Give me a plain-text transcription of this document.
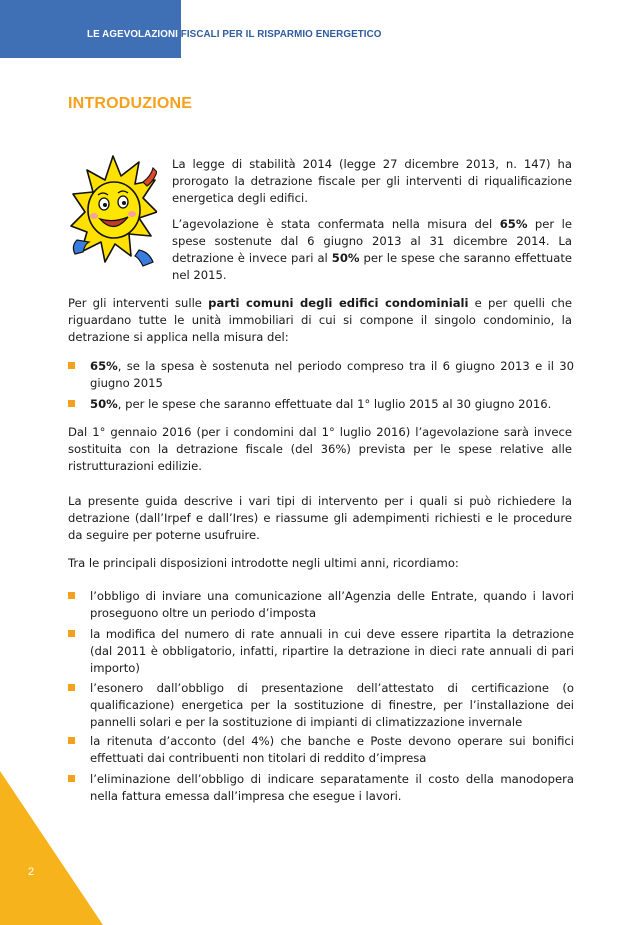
LE AGEVOLAZIONI FISCALI PER IL RISPARMIO ENERGETICO
INTRODUZIONE

La legge di stabilità 2014 (legge 27 dicembre 2013, n. 147) ha prorogato la detrazione fiscale per gli interventi di riqualificazione energetica degli edifici.

L’agevolazione è stata confermata nella misura del 65% per le spese sostenute dal 6 giugno 2013 al 31 dicembre 2014. La detrazione è invece pari al 50% per le spese che saranno effettuate nel 2015.

Per gli interventi sulle parti comuni degli edifici condominiali e per quelli che riguardano tutte le unità immobiliari di cui si compone il singolo condominio, la detrazione si applica nella misura del:

65%, se la spesa è sostenuta nel periodo compreso tra il 6 giugno 2013 e il 30 giugno 2015
50%, per le spese che saranno effettuate dal 1° luglio 2015 al 30 giugno 2016.

Dal 1° gennaio 2016 (per i condomini dal 1° luglio 2016) l’agevolazione sarà invece sostituita con la detrazione fiscale (del 36%) prevista per le spese relative alle ristrutturazioni edilizie.

La presente guida descrive i vari tipi di intervento per i quali si può richiedere la detrazione (dall’Irpef e dall’Ires) e riassume gli adempimenti richiesti e le procedure da seguire per poterne usufruire.

Tra le principali disposizioni introdotte negli ultimi anni, ricordiamo:

l’obbligo di inviare una comunicazione all’Agenzia delle Entrate, quando i lavori proseguono oltre un periodo d’imposta
la modifica del numero di rate annuali in cui deve essere ripartita la detrazione (dal 2011 è obbligatorio, infatti, ripartire la detrazione in dieci rate annuali di pari importo)
l’esonero dall’obbligo di presentazione dell’attestato di certificazione (o qualificazione) energetica per la sostituzione di finestre, per l’installazione dei pannelli solari e per la sostituzione di impianti di climatizzazione invernale
la ritenuta d’acconto (del 4%) che banche e Poste devono operare sui bonifici effettuati dai contribuenti non titolari di reddito d’impresa
l’eliminazione dell’obbligo di indicare separatamente il costo della manodopera nella fattura emessa dall’impresa che esegue i lavori.
2
